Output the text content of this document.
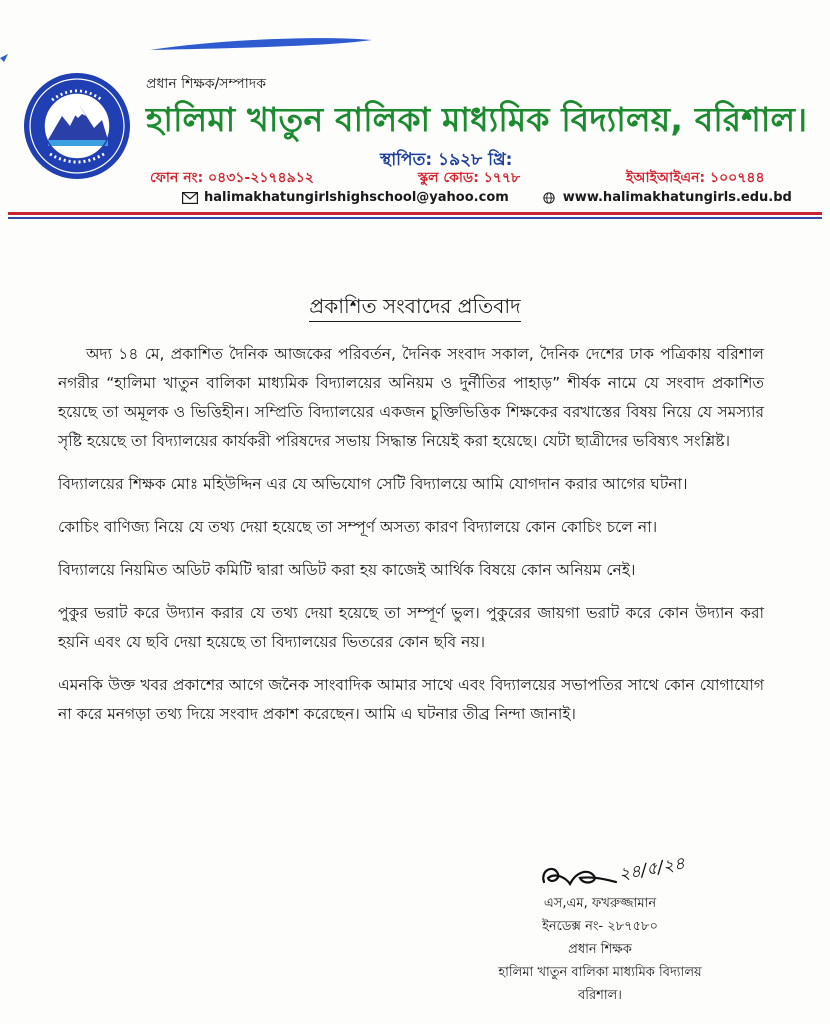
প্রধান শিক্ষক/সম্পাদক
হালিমা খাতুন বালিকা মাধ্যমিক বিদ্যালয়, বরিশাল।
স্থাপিত: ১৯২৮ খ্রি:
ফোন নং: ০৪৩১-২১৭৪৯১২	স্কুল কোড: ১৭৭৮	ইআইআইএন: ১০০৭৪৪
halimakhatungirlshighschool@yahoo.com	www.halimakhatungirls.edu.bd
প্রকাশিত সংবাদের প্রতিবাদ

অদ্য ১৪ মে, প্রকাশিত দৈনিক আজকের পরিবর্তন, দৈনিক সংবাদ সকাল, দৈনিক দেশের ঢাক পত্রিকায় বরিশাল নগরীর “হালিমা খাতুন বালিকা মাধ্যমিক বিদ্যালয়ের অনিয়ম ও দুর্নীতির পাহাড়” শীর্ষক নামে যে সংবাদ প্রকাশিত হয়েছে তা অমূলক ও ভিত্তিহীন। সম্প্রিতি বিদ্যালয়ের একজন চুক্তিভিত্তিক শিক্ষকের বরখাস্তের বিষয় নিয়ে যে সমস্যার সৃষ্টি হয়েছে তা বিদ্যালয়ের কার্যকরী পরিষদের সভায় সিদ্ধান্ত নিয়েই করা হয়েছে। যেটা ছাত্রীদের ভবিষ্যৎ সংশ্লিষ্ট।

বিদ্যালয়ের শিক্ষক মোঃ মহিউদ্দিন এর যে অভিযোগ সেটি বিদ্যালয়ে আমি যোগদান করার আগের ঘটনা।

কোচিং বাণিজ্য নিয়ে যে তথ্য দেয়া হয়েছে তা সম্পূর্ণ অসত্য কারণ বিদ্যালয়ে কোন কোচিং চলে না।

বিদ্যালয়ে নিয়মিত অডিট কমিটি দ্বারা অডিট করা হয় কাজেই আর্থিক বিষয়ে কোন অনিয়ম নেই।

পুকুর ভরাট করে উদ্যান করার যে তথ্য দেয়া হয়েছে তা সম্পূর্ণ ভুল। পুকুরের জায়গা ভরাট করে কোন উদ্যান করা হয়নি এবং যে ছবি দেয়া হয়েছে তা বিদ্যালয়ের ভিতরের কোন ছবি নয়।

এমনকি উক্ত খবর প্রকাশের আগে জনৈক সাংবাদিক আমার সাথে এবং বিদ্যালয়ের সভাপতির সাথে কোন যোগাযোগ না করে মনগড়া তথ্য দিয়ে সংবাদ প্রকাশ করেছেন। আমি এ ঘটনার তীব্র নিন্দা জানাই।

২৪/৫/২৪
এস,এম, ফখরুজ্জামান
ইনডেক্স নং- ২৮৭৫৮০
প্রধান শিক্ষক
হালিমা খাতুন বালিকা মাধ্যমিক বিদ্যালয়
বরিশাল।
